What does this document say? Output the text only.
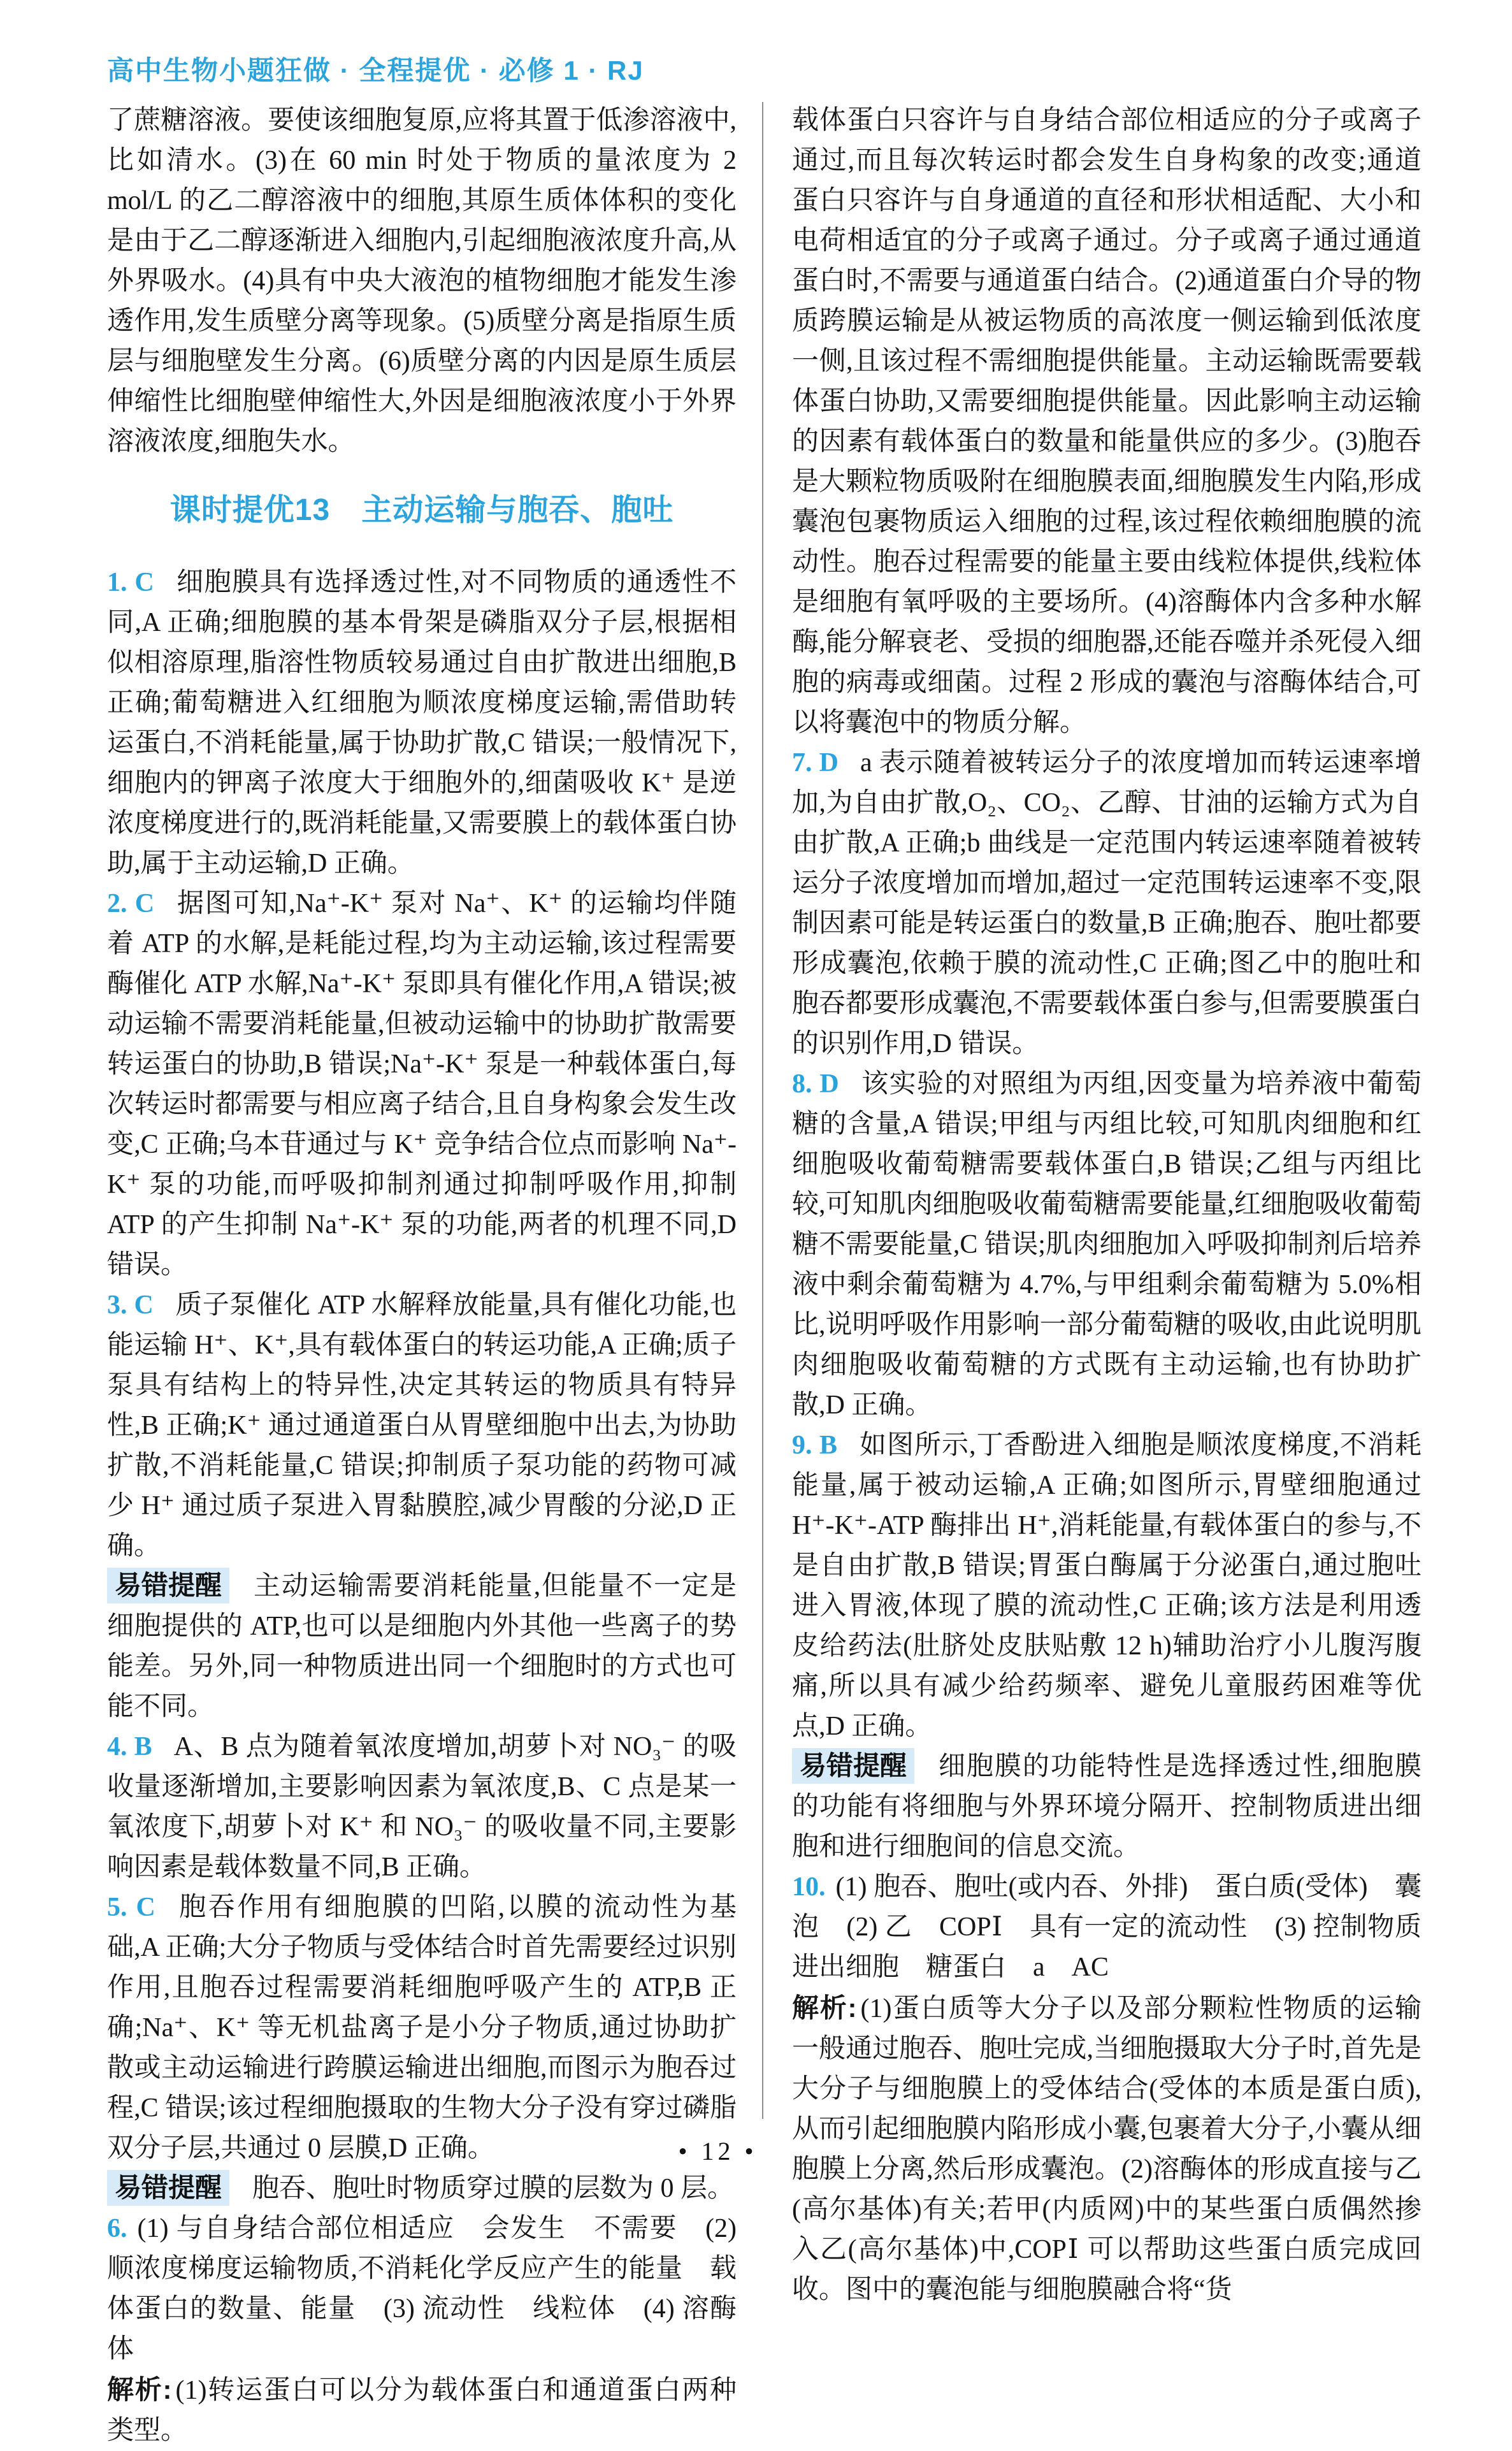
高中生物小题狂做 · 全程提优 · 必修 1 · RJ

了蔗糖溶液。要使该细胞复原,应将其置于低渗溶液中,比如清水。(3)在 60 min 时处于物质的量浓度为 2 mol/L 的乙二醇溶液中的细胞,其原生质体体积的变化是由于乙二醇逐渐进入细胞内,引起细胞液浓度升高,从外界吸水。(4)具有中央大液泡的植物细胞才能发生渗透作用,发生质壁分离等现象。(5)质壁分离是指原生质层与细胞壁发生分离。(6)质壁分离的内因是原生质层伸缩性比细胞壁伸缩性大,外因是细胞液浓度小于外界溶液浓度,细胞失水。

课时提优13　主动运输与胞吞、胞吐

1. C 细胞膜具有选择透过性,对不同物质的通透性不同,A 正确;细胞膜的基本骨架是磷脂双分子层,根据相似相溶原理,脂溶性物质较易通过自由扩散进出细胞,B 正确;葡萄糖进入红细胞为顺浓度梯度运输,需借助转运蛋白,不消耗能量,属于协助扩散,C 错误;一般情况下,细胞内的钾离子浓度大于细胞外的,细菌吸收 K⁺ 是逆浓度梯度进行的,既消耗能量,又需要膜上的载体蛋白协助,属于主动运输,D 正确。

2. C 据图可知,Na⁺-K⁺ 泵对 Na⁺、K⁺ 的运输均伴随着 ATP 的水解,是耗能过程,均为主动运输,该过程需要酶催化 ATP 水解,Na⁺-K⁺ 泵即具有催化作用,A 错误;被动运输不需要消耗能量,但被动运输中的协助扩散需要转运蛋白的协助,B 错误;Na⁺-K⁺ 泵是一种载体蛋白,每次转运时都需要与相应离子结合,且自身构象会发生改变,C 正确;乌本苷通过与 K⁺ 竞争结合位点而影响 Na⁺-K⁺ 泵的功能,而呼吸抑制剂通过抑制呼吸作用,抑制 ATP 的产生抑制 Na⁺-K⁺ 泵的功能,两者的机理不同,D 错误。

3. C 质子泵催化 ATP 水解释放能量,具有催化功能,也能运输 H⁺、K⁺,具有载体蛋白的转运功能,A 正确;质子泵具有结构上的特异性,决定其转运的物质具有特异性,B 正确;K⁺ 通过通道蛋白从胃壁细胞中出去,为协助扩散,不消耗能量,C 错误;抑制质子泵功能的药物可减少 H⁺ 通过质子泵进入胃黏膜腔,减少胃酸的分泌,D 正确。

易错提醒 主动运输需要消耗能量,但能量不一定是细胞提供的 ATP,也可以是细胞内外其他一些离子的势能差。另外,同一种物质进出同一个细胞时的方式也可能不同。

4. B A、B 点为随着氧浓度增加,胡萝卜对 NO₃⁻ 的吸收量逐渐增加,主要影响因素为氧浓度,B、C 点是某一氧浓度下,胡萝卜对 K⁺ 和 NO₃⁻ 的吸收量不同,主要影响因素是载体数量不同,B 正确。

5. C 胞吞作用有细胞膜的凹陷,以膜的流动性为基础,A 正确;大分子物质与受体结合时首先需要经过识别作用,且胞吞过程需要消耗细胞呼吸产生的 ATP,B 正确;Na⁺、K⁺ 等无机盐离子是小分子物质,通过协助扩散或主动运输进行跨膜运输进出细胞,而图示为胞吞过程,C 错误;该过程细胞摄取的生物大分子没有穿过磷脂双分子层,共通过 0 层膜,D 正确。

易错提醒 胞吞、胞吐时物质穿过膜的层数为 0 层。

6. (1) 与自身结合部位相适应　会发生　不需要　(2) 顺浓度梯度运输物质,不消耗化学反应产生的能量　载体蛋白的数量、能量　(3) 流动性　线粒体　(4) 溶酶体

解析: (1)转运蛋白可以分为载体蛋白和通道蛋白两种类型。

载体蛋白只容许与自身结合部位相适应的分子或离子通过,而且每次转运时都会发生自身构象的改变;通道蛋白只容许与自身通道的直径和形状相适配、大小和电荷相适宜的分子或离子通过。分子或离子通过通道蛋白时,不需要与通道蛋白结合。(2)通道蛋白介导的物质跨膜运输是从被运物质的高浓度一侧运输到低浓度一侧,且该过程不需细胞提供能量。主动运输既需要载体蛋白协助,又需要细胞提供能量。因此影响主动运输的因素有载体蛋白的数量和能量供应的多少。(3)胞吞是大颗粒物质吸附在细胞膜表面,细胞膜发生内陷,形成囊泡包裹物质运入细胞的过程,该过程依赖细胞膜的流动性。胞吞过程需要的能量主要由线粒体提供,线粒体是细胞有氧呼吸的主要场所。(4)溶酶体内含多种水解酶,能分解衰老、受损的细胞器,还能吞噬并杀死侵入细胞的病毒或细菌。过程 2 形成的囊泡与溶酶体结合,可以将囊泡中的物质分解。

7. D a 表示随着被转运分子的浓度增加而转运速率增加,为自由扩散,O₂、CO₂、乙醇、甘油的运输方式为自由扩散,A 正确;b 曲线是一定范围内转运速率随着被转运分子浓度增加而增加,超过一定范围转运速率不变,限制因素可能是转运蛋白的数量,B 正确;胞吞、胞吐都要形成囊泡,依赖于膜的流动性,C 正确;图乙中的胞吐和胞吞都要形成囊泡,不需要载体蛋白参与,但需要膜蛋白的识别作用,D 错误。

8. D 该实验的对照组为丙组,因变量为培养液中葡萄糖的含量,A 错误;甲组与丙组比较,可知肌肉细胞和红细胞吸收葡萄糖需要载体蛋白,B 错误;乙组与丙组比较,可知肌肉细胞吸收葡萄糖需要能量,红细胞吸收葡萄糖不需要能量,C 错误;肌肉细胞加入呼吸抑制剂后培养液中剩余葡萄糖为 4.7%,与甲组剩余葡萄糖为 5.0%相比,说明呼吸作用影响一部分葡萄糖的吸收,由此说明肌肉细胞吸收葡萄糖的方式既有主动运输,也有协助扩散,D 正确。

9. B 如图所示,丁香酚进入细胞是顺浓度梯度,不消耗能量,属于被动运输,A 正确;如图所示,胃壁细胞通过 H⁺-K⁺-ATP 酶排出 H⁺,消耗能量,有载体蛋白的参与,不是自由扩散,B 错误;胃蛋白酶属于分泌蛋白,通过胞吐进入胃液,体现了膜的流动性,C 正确;该方法是利用透皮给药法(肚脐处皮肤贴敷 12 h)辅助治疗小儿腹泻腹痛,所以具有减少给药频率、避免儿童服药困难等优点,D 正确。

易错提醒 细胞膜的功能特性是选择透过性,细胞膜的功能有将细胞与外界环境分隔开、控制物质进出细胞和进行细胞间的信息交流。

10. (1) 胞吞、胞吐(或内吞、外排)　蛋白质(受体)　囊泡　(2) 乙　COPⅠ　具有一定的流动性　(3) 控制物质进出细胞　糖蛋白　a　AC

解析: (1)蛋白质等大分子以及部分颗粒性物质的运输一般通过胞吞、胞吐完成,当细胞摄取大分子时,首先是大分子与细胞膜上的受体结合(受体的本质是蛋白质),从而引起细胞膜内陷形成小囊,包裹着大分子,小囊从细胞膜上分离,然后形成囊泡。(2)溶酶体的形成直接与乙(高尔基体)有关;若甲(内质网)中的某些蛋白质偶然掺入乙(高尔基体)中,COPⅠ 可以帮助这些蛋白质完成回收。图中的囊泡能与细胞膜融合将“货

• 12 •
